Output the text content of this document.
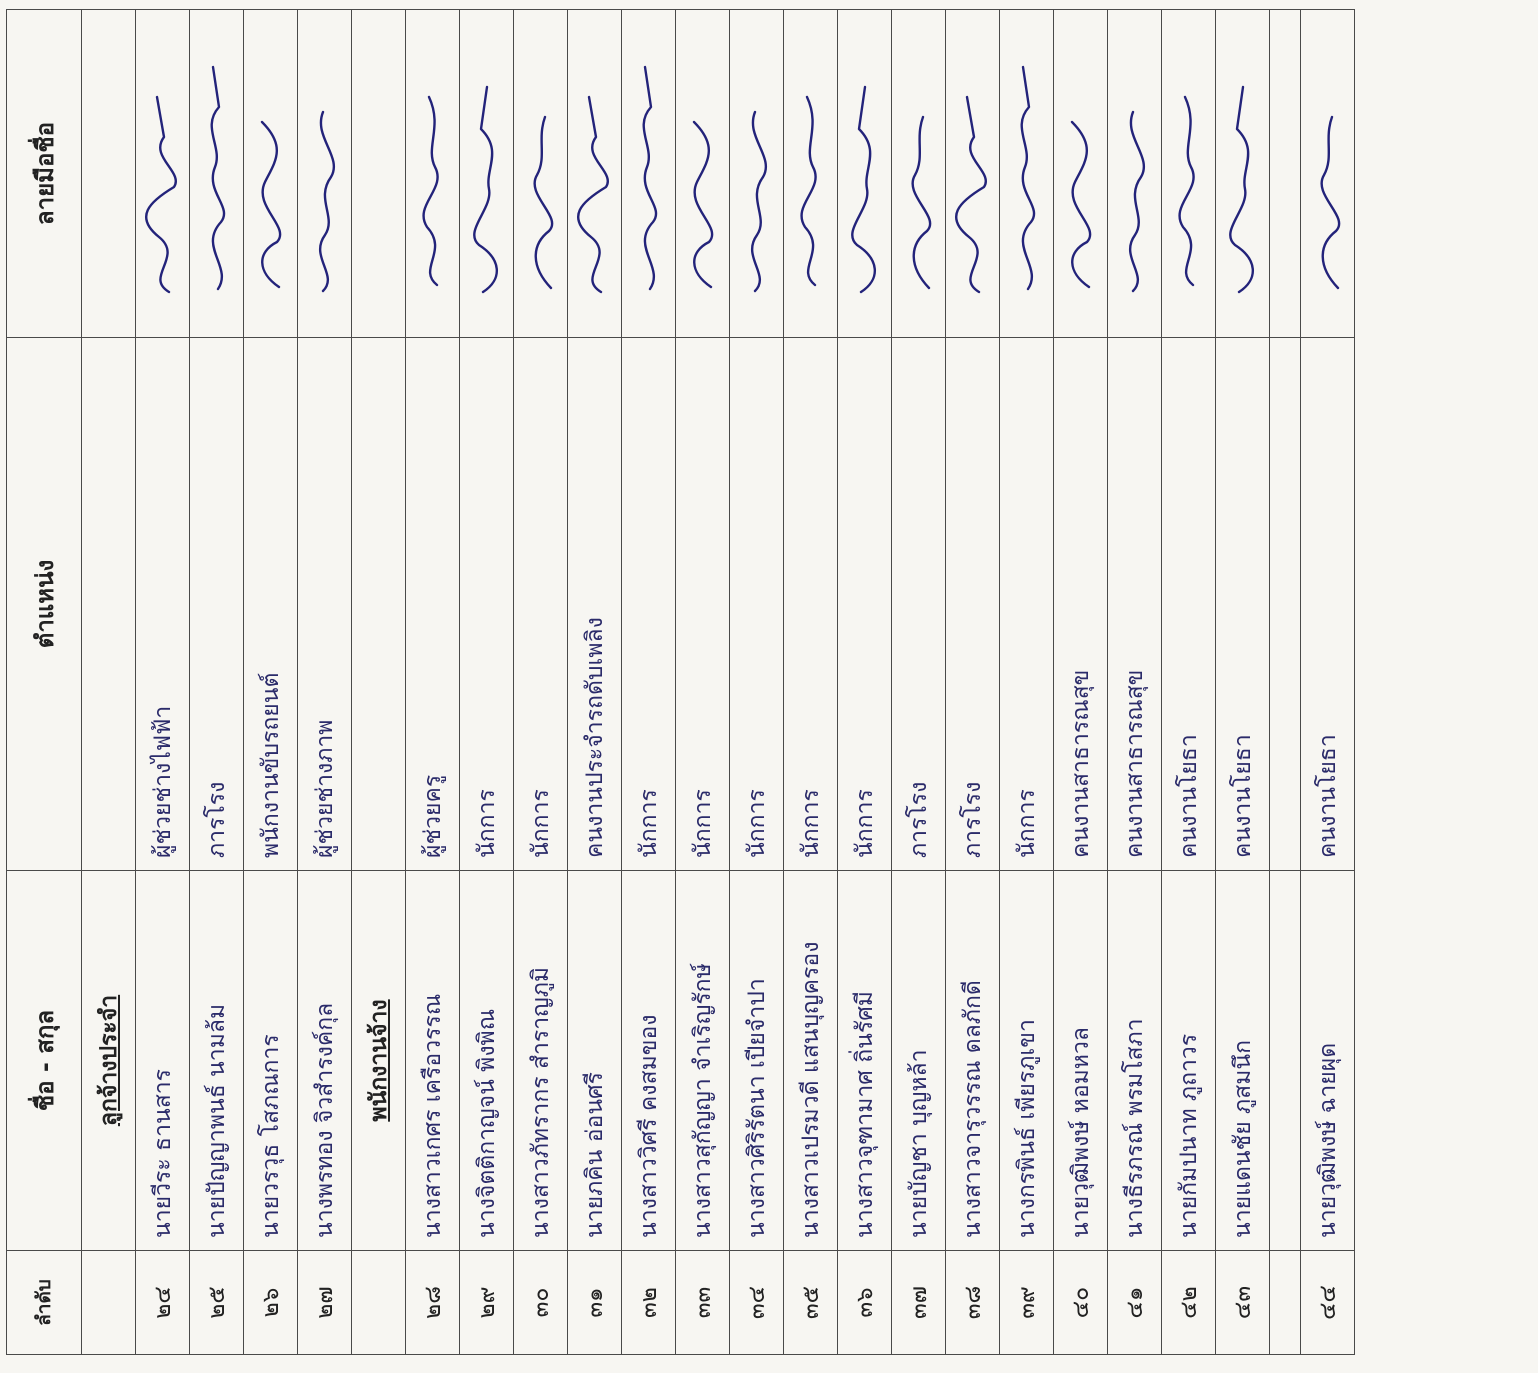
ลำดับ	ชื่อ - สกุล	ตำแหน่ง	ลายมือชื่อ
	ลูกจ้างประจำ		
๒๔	นายวีระ ธานสาร	ผู้ช่วยช่างไฟฟ้า	

๒๕	นายปัญญาพนธ์ นามล้ม	ภารโรง	

๒๖	นายวรวุธ โสภณการ	พนักงานขับรถยนต์	

๒๗	นางพรทอง จิวสำรงค์กุล	ผู้ช่วยช่างภาพ	

	พนักงานจ้าง		
๒๘	นางสาวเกศร เครือวรรณ	ผู้ช่วยครู	

๒๙	นางจิตติกาญจน์ พิงพิณ	นักการ	

๓๐	นางสาวภัทรากร สำราญภูมิ	นักการ	

๓๑	นายภคิน อ่อนศรี	คนงานประจำรถดับเพลิง	

๓๒	นางสาววิศรี คงสมของ	นักการ	

๓๓	นางสาวสุกัญญา จำเริญรักษ์	นักการ	

๓๔	นางสาวศิริรัตนา เปียจำปา	นักการ	

๓๕	นางสาวเปรมวดี แสนบุญครอง	นักการ	

๓๖	นางสาวจุฑามาศ ถิ่นรัศมี	นักการ	

๓๗	นายบัญชา บุญหล้า	ภารโรง	

๓๘	นางสาวจารุวรรณ ดลภักดี	ภารโรง	

๓๙	นางกรพินธ์ เพียรภูเขา	นักการ	

๔๐	นายวุฒิพงษ์ หอมหวล	คนงานสาธารณสุข	

๔๑	นางธีรภรณ์ พรมโสภา	คนงานสาธารณสุข	

๔๒	นายกัมปนาท ภูถาวร	คนงานโยธา	

๔๓	นายแดนชัย ภูสมนึก	คนงานโยธา	

๔๔	นายวุฒิพงษ์ ฉายผุด	คนงานโยธา	
